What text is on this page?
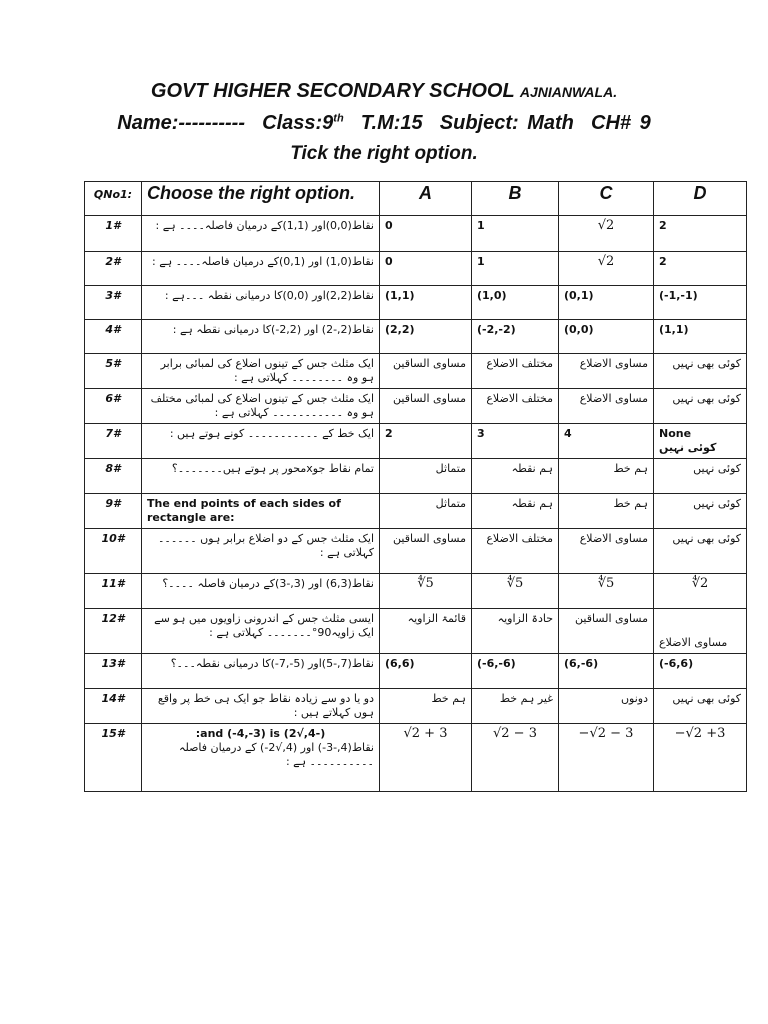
GOVT HIGHER SECONDARY SCHOOL AJNIANWALA.
Name:---------- Class:9th T.M:15 Subject: Math CH# 9
Tick the right option.
QNo1:	Choose the right option.	A	B	C	D
1#	نقاط(0,0)اور (1,1)کے درمیان فاصلہ۔۔۔۔ ہے :	0	1	√2	2

2#	نقاط(1,0) اور (0,1)کے درمیان فاصلہ۔۔۔۔ ہے :	0	1	√2	2

3#	نقاط(2,2)اور (0,0)کا درمیانی نقطہ ۔۔۔ہے :	(1,1)	(1,0)	(0,1)	(-1,-1)

4#	نقاط(2,-2) اور (2,2-)کا درمیانی نقطہ ہے :	(2,2)	(-2,-2)	(0,0)	(1,1)

5#	ایک مثلث جس کے تینوں اضلاع کی لمبائی برابر ہو وہ ۔۔۔۔۔۔۔۔ کہلاتی ہے :	مساوی الساقین	مختلف الاضلاع	مساوی الاضلاع	کوئی بھی نہیں

6#	ایک مثلث جس کے تینوں اضلاع کی لمبائی مختلف ہو وہ ۔۔۔۔۔۔۔۔۔۔۔ کہلاتی ہے :	مساوی الساقین	مختلف الاضلاع	مساوی الاضلاع	کوئی بھی نہیں

7#	ایک خط کے ۔۔۔۔۔۔۔۔۔۔۔ کونے ہوتے ہیں :	2	3	4	None
کوئی نہیں

8#	تمام نقاط جوxمحور پر ہوتے ہیں۔۔۔۔۔۔۔؟	متماثل	ہم نقطہ	ہم خط	کوئی نہیں

9#	The end points of each sides of rectangle are:	متماثل	ہم نقطہ	ہم خط	کوئی نہیں

10#	ایک مثلث جس کے دو اضلاع برابر ہوں ۔۔۔۔۔۔ کہلاتی ہے :	مساوی الساقین	مختلف الاضلاع	مساوی الاضلاع	کوئی بھی نہیں

11#	نقاط(6,3) اور (3,-3)کے درمیان فاصلہ ۔۔۔۔؟	∜5	∜5	∜5	∜2

12#	ایسی مثلث جس کے اندرونی زاویوں میں ہو سے ایک زاویہ90°۔۔۔۔۔۔۔ کہلاتی ہے :	قائمۃ الزاویہ	حادۃ الزاویہ	مساوی الساقین	مساوی الاضلاع

13#	نقاط(7,-5)اور (5-,7-)کا درمیانی نقطہ۔۔۔؟	(6,6)	(-6,-6)	(6,-6)	(-6,6)

14#	دو یا دو سے زیادہ نقاط جو ایک ہی خط پر واقع ہوں کہلاتے ہیں :	ہم خط	غیر ہم خط	دونوں	کوئی بھی نہیں

15#	(-4,√2) and (-4,-3) is:
نقاط(4,-3-) اور (4,√2-) کے درمیان فاصلہ ۔۔۔۔۔۔۔۔۔۔ ہے :	√2 + 3	√2 − 3	−√2 − 3	−√2 +3
